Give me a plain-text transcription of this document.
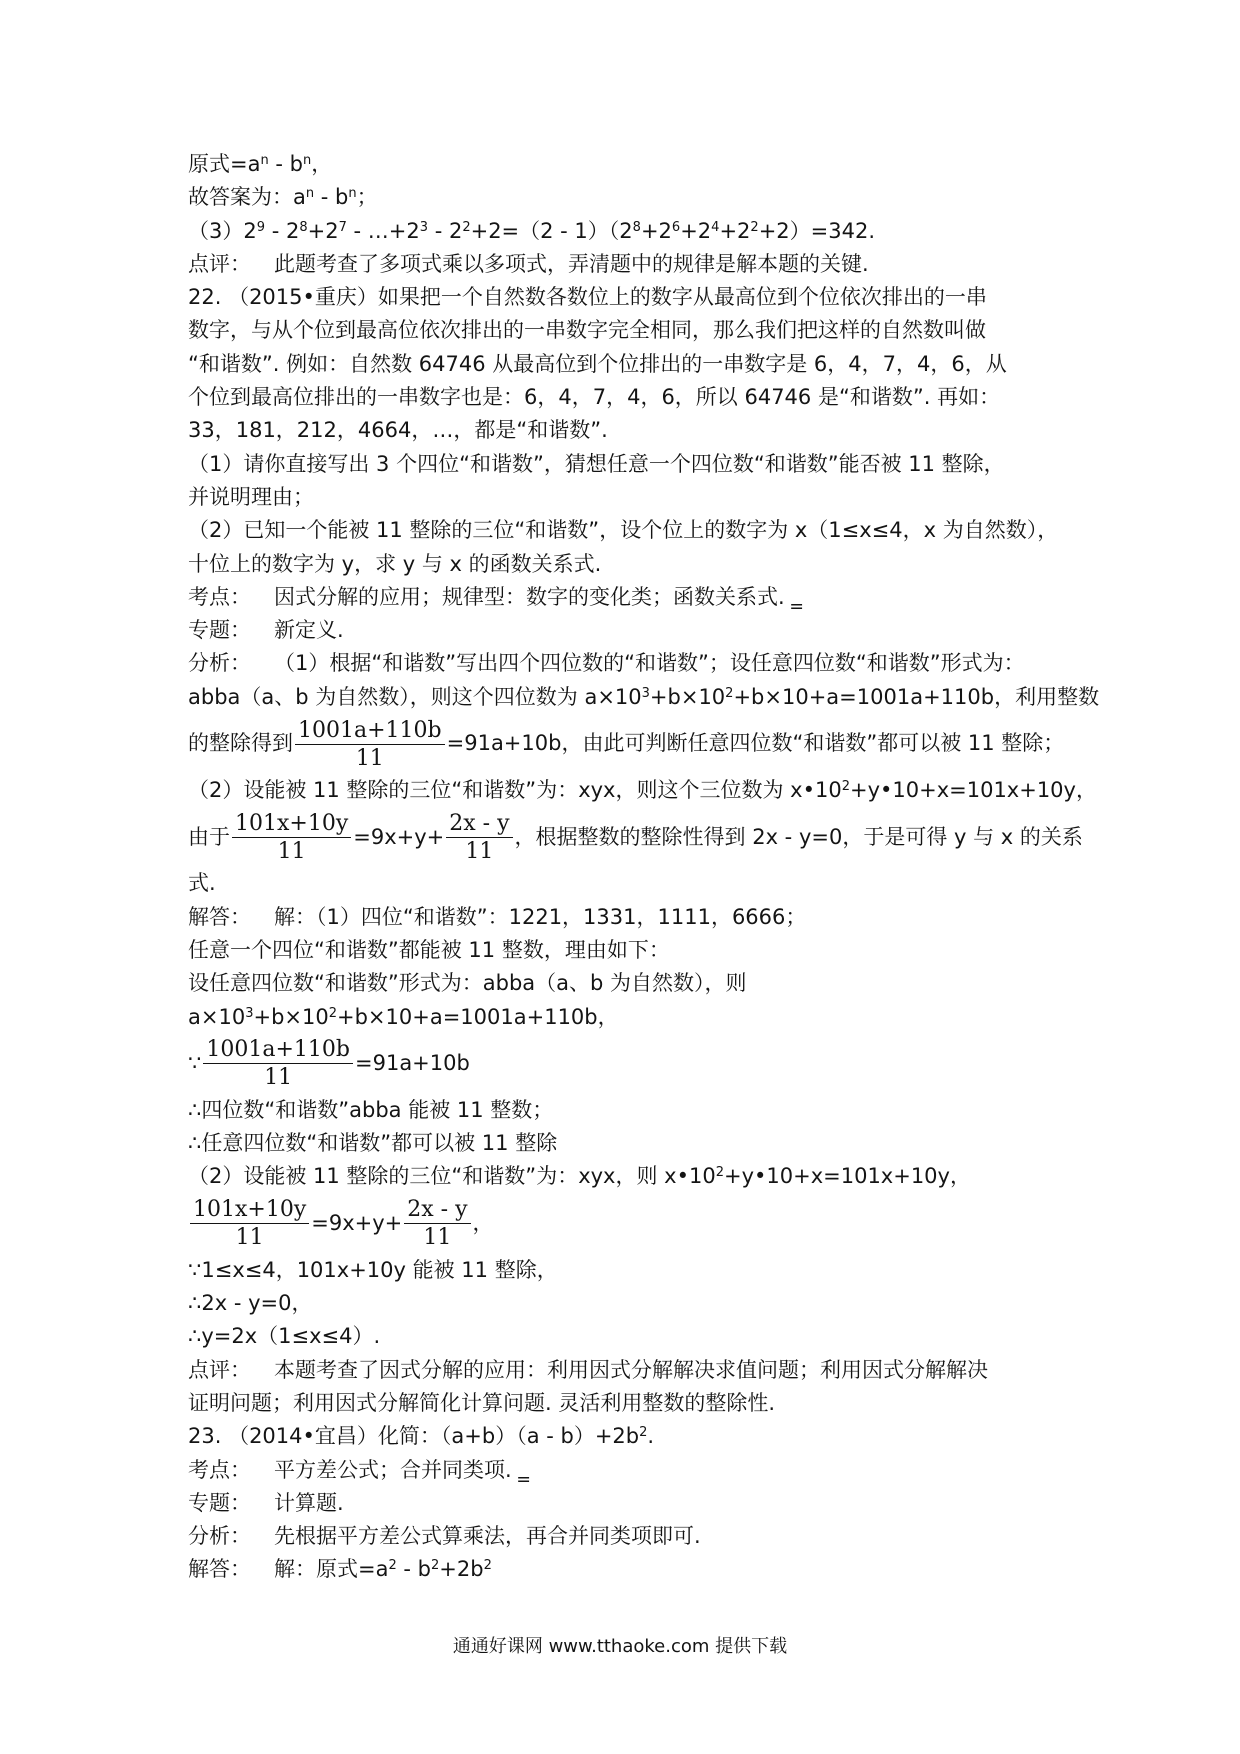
原式$=a^n - b^n$，
故答案为：$a^n - b^n$；
$(3)2^9 - 2^8+2^7$ - $\dots+2^3 - 2^2+2=(2 - 1)(2^8+2^6+2^4+2^2+2)=342$.
点评： 此题考查了多项式乘以多项式，弄清题中的规律是解本题的关键.
22. （2015•重庆）如果把一个自然数各数位上的数字从最高位到个位依次排出的一串
数字，与从个位到最高位依次排出的一串数字完全相同，那么我们把这样的自然数叫做
“和谐数”. 例如：自然数 64746 从最高位到个位排出的一串数字是 6，4，7，4，6，从
个位到最高位排出的一串数字也是：6，4，7，4，6，所以 64746 是“和谐数”. 再如：
33，181，212，4664，…，都是“和谐数”.
（1）请你直接写出 3 个四位“和谐数”，猜想任意一个四位数“和谐数”能否被 11 整除，
并说明理由；
（2）已知一个能被 11 整除的三位“和谐数”，设个位上的数字为 x（1≤x≤4，x 为自然数），
十位上的数字为 y，求 y 与 x 的函数关系式.
考点： 因式分解的应用；规律型：数字的变化类；函数关系式. ‗
专题： 新定义.
分析： （1）根据“和谐数”写出四个四位数的“和谐数”；设任意四位数“和谐数”形式为：
abba（a、b 为自然数），则这个四位数为 $a\times 10^3+b\times 10^2+b\times 10+a=1001a+110b$，利用整数
的整除得到 $\frac{1001a+110b}{11} =91a+10b$，由此可判断任意四位数“和谐数”都可以被 11 整除；
（2）设能被 11 整除的三位“和谐数”为：xyx，则这个三位数为 $x•10^2+y•10+x=101x+10y$，
由于 $\frac{101x+10y}{11} =9x+y+ \frac{2x - y}{11}$ ，根据整数的整除性得到 2x - y=0，于是可得 y 与 x 的关系
式.
解答： 解：（1）四位“和谐数”：1221，1331，1111，6666；
任意一个四位“和谐数”都能被 11 整数，理由如下：
设任意四位数“和谐数”形式为：abba（a、b 为自然数），则
$a\times 10^3+b\times 10^2+b\times 10+a=1001a+110b$，
∵ $\frac{1001a+110b}{11} =91a+10b$
∴四位数“和谐数”abba 能被 11 整数；
∴任意四位数“和谐数”都可以被 11 整除
（2）设能被 11 整除的三位“和谐数”为：xyx，则 $x•10^2+y•10+x=101x+10y$，
$\frac{101x+10y}{11} =9x+y+ \frac{2x - y}{11}$ ，
∵1≤x≤4，101x+10y 能被 11 整除，
∴2x - y=0，
∴y=2x（1≤x≤4）.
点评： 本题考查了因式分解的应用：利用因式分解解决求值问题；利用因式分解解决
证明问题；利用因式分解简化计算问题. 灵活利用整数的整除性.
23. （2014•宜昌）化简：$(a+b)(a - b)+2b^2$.
考点： 平方差公式；合并同类项. ‗
专题： 计算题.
分析： 先根据平方差公式算乘法，再合并同类项即可.
解答： 解：原式$=a^2 - b^2+2b^2$
通通好课网 www.tthaoke.com 提供下载
